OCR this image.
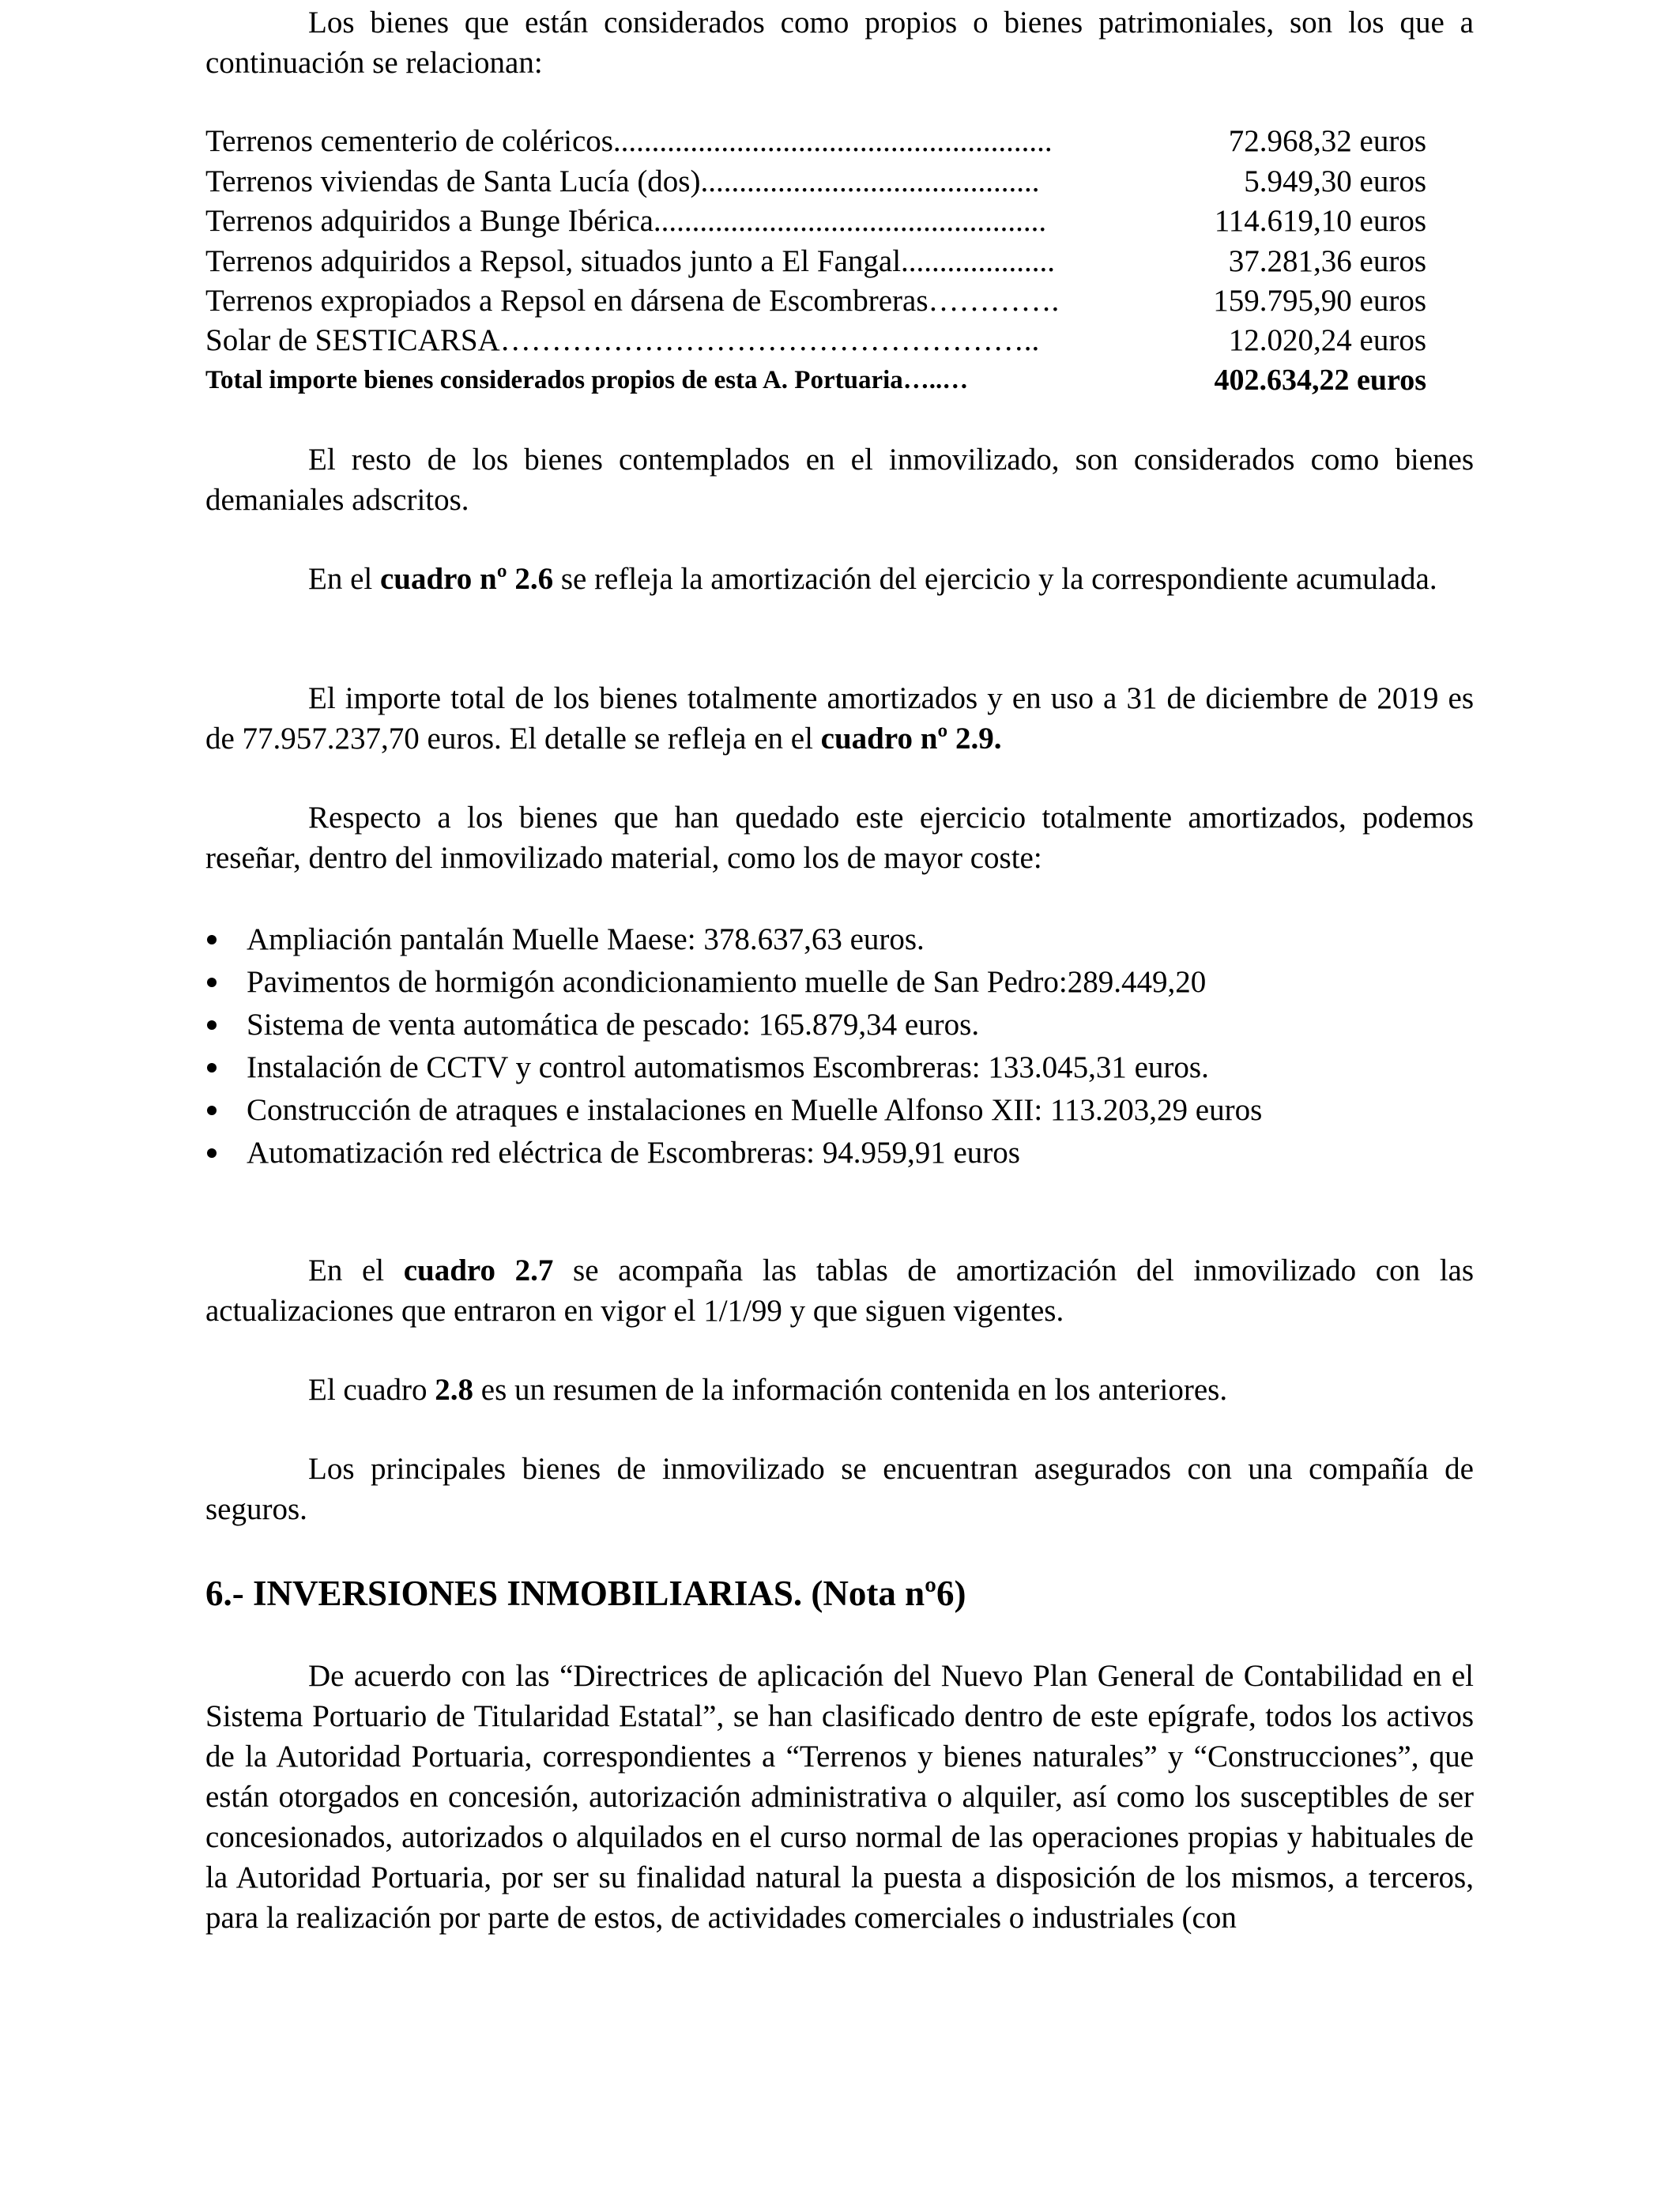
Los bienes que están considerados como propios o bienes patrimoniales, son los que a continuación se relacionan:

Terrenos cementerio de coléricos.........................................................	72.968,32 euros
Terrenos viviendas de Santa Lucía (dos)............................................	5.949,30 euros
Terrenos adquiridos a Bunge Ibérica...................................................	114.619,10 euros
Terrenos adquiridos a Repsol, situados junto a El Fangal....................	37.281,36 euros
Terrenos expropiados a Repsol en dársena de Escombreras………….	159.795,90 euros
Solar de SESTICARSA……………………………………………..	12.020,24 euros
Total importe bienes considerados propios de esta A. Portuaria…..…	402.634,22 euros

El resto de los bienes contemplados en el inmovilizado, son considerados como bienes demaniales adscritos.

En el cuadro nº 2.6 se refleja la amortización del ejercicio y la correspondiente acumulada.

El importe total de los bienes totalmente amortizados y en uso a 31 de diciembre de 2019 es de 77.957.237,70 euros. El detalle se refleja en el cuadro nº 2.9.

Respecto a los bienes que han quedado este ejercicio totalmente amortizados, podemos reseñar, dentro del inmovilizado material, como los de mayor coste:

Ampliación pantalán Muelle Maese: 378.637,63 euros.
Pavimentos de hormigón acondicionamiento muelle de San Pedro:289.449,20
Sistema de venta automática de pescado: 165.879,34 euros.
Instalación de CCTV y control automatismos Escombreras: 133.045,31 euros.
Construcción de atraques e instalaciones en Muelle Alfonso XII: 113.203,29 euros
Automatización red eléctrica de Escombreras: 94.959,91 euros

En el cuadro 2.7 se acompaña las tablas de amortización del inmovilizado con las actualizaciones que entraron en vigor el 1/1/99 y que siguen vigentes.

El cuadro 2.8 es un resumen de la información contenida en los anteriores.

Los principales bienes de inmovilizado se encuentran asegurados con una compañía de seguros.

6.- INVERSIONES INMOBILIARIAS. (Nota nº6)

De acuerdo con las “Directrices de aplicación del Nuevo Plan General de Contabilidad en el Sistema Portuario de Titularidad Estatal”, se han clasificado dentro de este epígrafe, todos los activos de la Autoridad Portuaria, correspondientes a “Terrenos y bienes naturales” y “Construcciones”, que están otorgados en concesión, autorización administrativa o alquiler, así como los susceptibles de ser concesionados, autorizados o alquilados en el curso normal de las operaciones propias y habituales de la Autoridad Portuaria, por ser su finalidad natural la puesta a disposición de los mismos, a terceros, para la realización por parte de estos, de actividades comerciales o industriales (con
